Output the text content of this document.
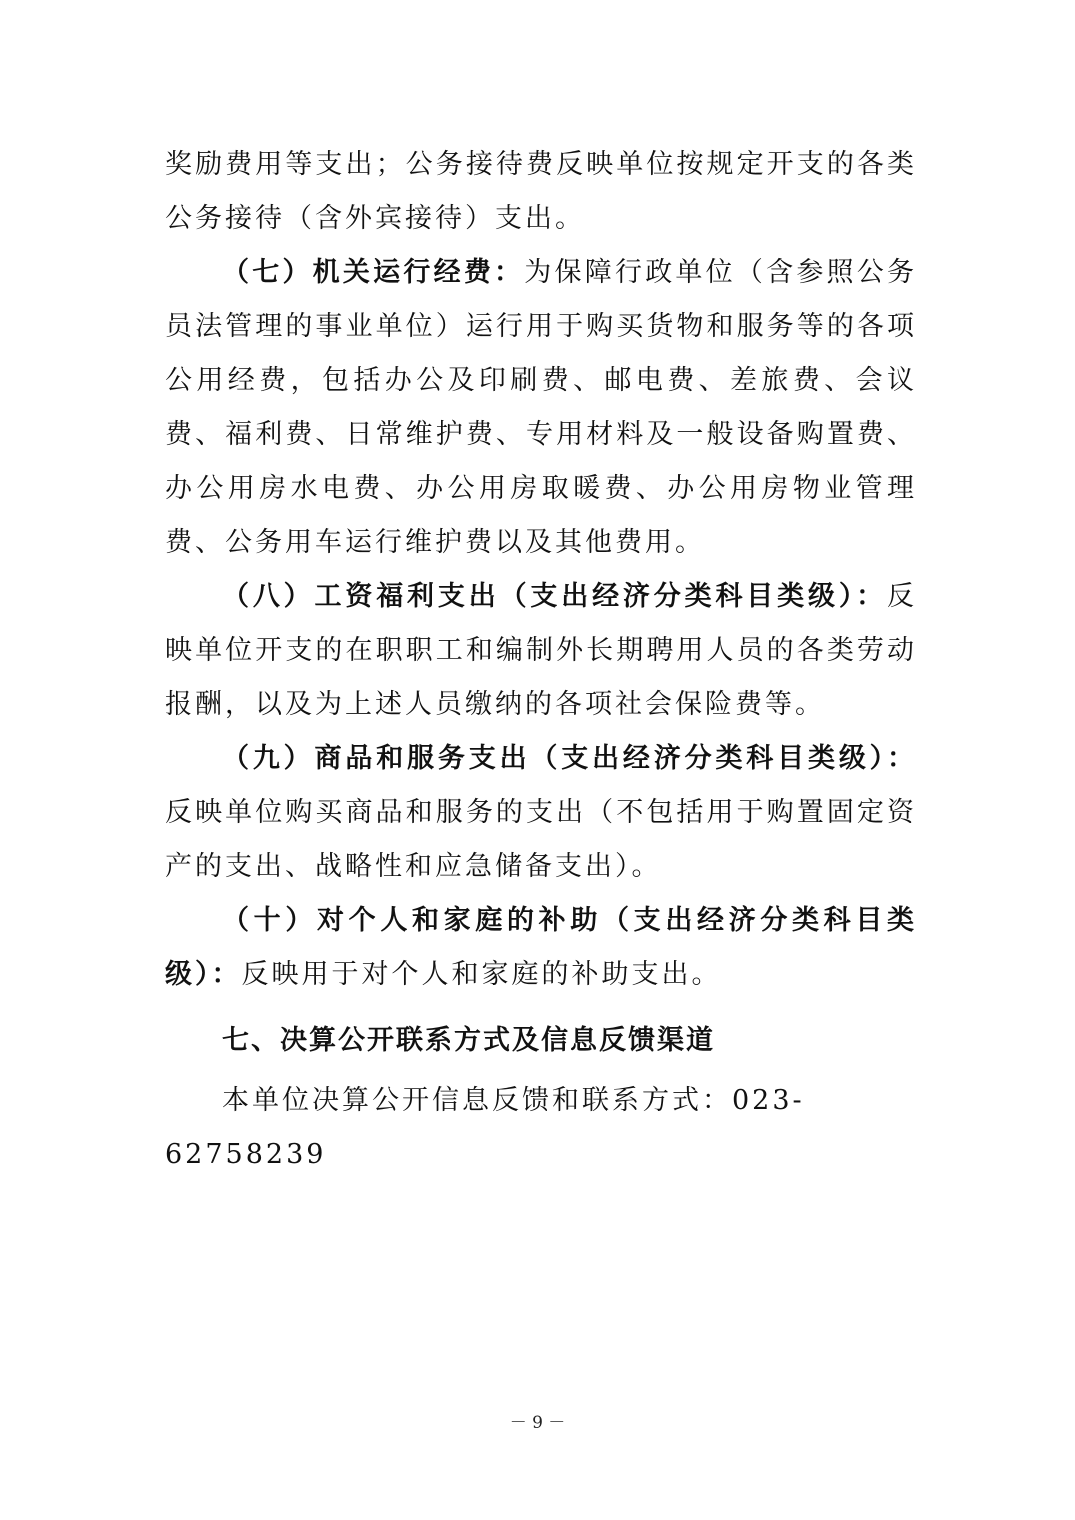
奖励费用等支出；公务接待费反映单位按规定开支的各类公务接待（含外宾接待）支出。

（七）机关运行经费：为保障行政单位（含参照公务员法管理的事业单位）运行用于购买货物和服务等的各项公用经费，包括办公及印刷费、邮电费、差旅费、会议费、福利费、日常维护费、专用材料及一般设备购置费、办公用房水电费、办公用房取暖费、办公用房物业管理费、公务用车运行维护费以及其他费用。

（八）工资福利支出（支出经济分类科目类级）：反映单位开支的在职职工和编制外长期聘用人员的各类劳动报酬，以及为上述人员缴纳的各项社会保险费等。

（九）商品和服务支出（支出经济分类科目类级）：反映单位购买商品和服务的支出（不包括用于购置固定资产的支出、战略性和应急储备支出）。

（十）对个人和家庭的补助（支出经济分类科目类级）：反映用于对个人和家庭的补助支出。

七、决算公开联系方式及信息反馈渠道

本单位决算公开信息反馈和联系方式：023-62758239

－ 9 －
